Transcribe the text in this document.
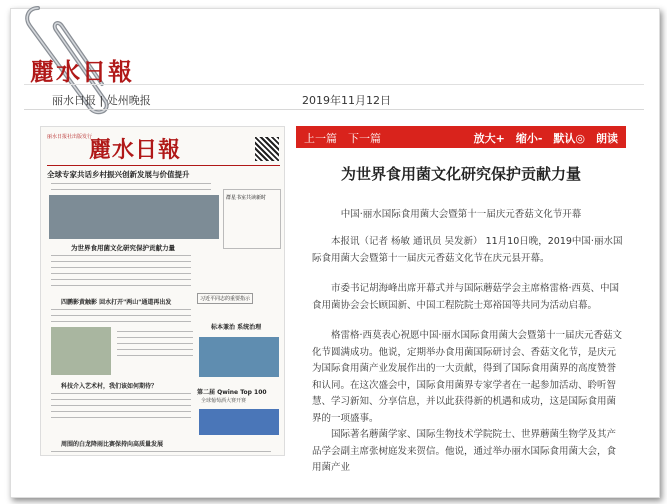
麗水日報
丽水日报 | 处州晚报	2019年11月12日
丽水日报社出版发行
麗水日報
全球专家共话乡村振兴创新发展与价值提升
群星书室共读新时
为世界食用菌文化研究保护贡献力量
习近平同志的重要指示
四鹏影黄触影 回水打开"两山"通道再出发
标本兼治 系统治理
第二届 Qwine Top 100
全球葡萄酒大赛开赛
科技介入艺术村，我们该如何期待？
周围的白龙降雨比赛保持向高质量发展
上一篇　下一篇	放大+　缩小-　默认◎　朗读
为世界食用菌文化研究保护贡献力量
中国·丽水国际食用菌大会暨第十一届庆元香菇文化节开幕
本报讯（记者 杨敏 通讯员 吴发新） 11月10日晚，2019中国·丽水国际食用菌大会暨第十一届庆元香菇文化节在庆元县开幕。
市委书记胡海峰出席开幕式并与国际蘑菇学会主席格雷格·西莫、中国食用菌协会会长顾国新、中国工程院院士郑裕国等共同为活动启幕。
格雷格·西莫表心祝愿中国·丽水国际食用菌大会暨第十一届庆元香菇文化节圆满成功。他说，定期举办食用菌国际研讨会、香菇文化节，是庆元为国际食用菌产业发展作出的一大贡献，得到了国际食用菌界的高度赞誉和认同。在这次盛会中，国际食用菌界专家学者在一起参加活动、聆听智慧、学习新知、分享信息，并以此获得新的机遇和成功，这是国际食用菌界的一项盛事。
国际著名蘑菌学家、国际生物技术学院院士、世界蘑菌生物学及其产品学会副主席张树庭发来贺信。他说，通过举办丽水国际食用菌大会，食用菌产业
